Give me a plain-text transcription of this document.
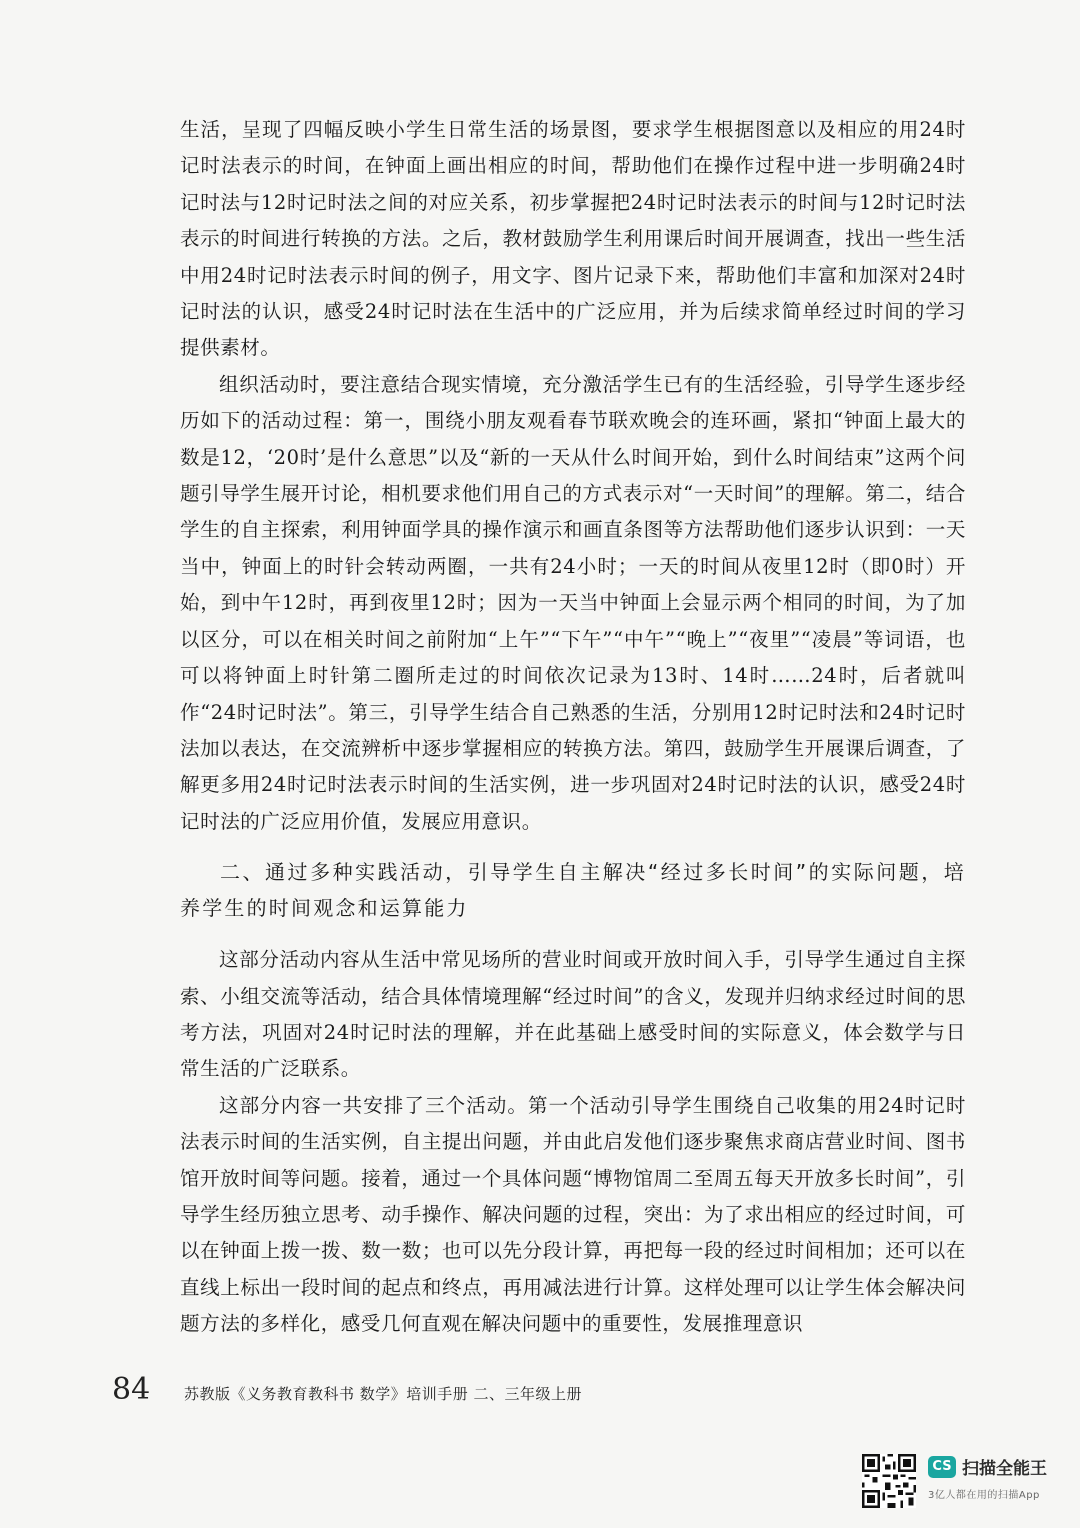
生活，呈现了四幅反映小学生日常生活的场景图，要求学生根据图意以及相应的用24时记时法表示的时间，在钟面上画出相应的时间，帮助他们在操作过程中进一步明确24时记时法与12时记时法之间的对应关系，初步掌握把24时记时法表示的时间与12时记时法表示的时间进行转换的方法。之后，教材鼓励学生利用课后时间开展调查，找出一些生活中用24时记时法表示时间的例子，用文字、图片记录下来，帮助他们丰富和加深对24时记时法的认识，感受24时记时法在生活中的广泛应用，并为后续求简单经过时间的学习提供素材。

组织活动时，要注意结合现实情境，充分激活学生已有的生活经验，引导学生逐步经历如下的活动过程：第一，围绕小朋友观看春节联欢晚会的连环画，紧扣“钟面上最大的数是12，‘20时’是什么意思”以及“新的一天从什么时间开始，到什么时间结束”这两个问题引导学生展开讨论，相机要求他们用自己的方式表示对“一天时间”的理解。第二，结合学生的自主探索，利用钟面学具的操作演示和画直条图等方法帮助他们逐步认识到：一天当中，钟面上的时针会转动两圈，一共有24小时；一天的时间从夜里12时（即0时）开始，到中午12时，再到夜里12时；因为一天当中钟面上会显示两个相同的时间，为了加以区分，可以在相关时间之前附加“上午”“下午”“中午”“晚上”“夜里”“凌晨”等词语，也可以将钟面上时针第二圈所走过的时间依次记录为13时、14时……24时，后者就叫作“24时记时法”。第三，引导学生结合自己熟悉的生活，分别用12时记时法和24时记时法加以表达，在交流辨析中逐步掌握相应的转换方法。第四，鼓励学生开展课后调查，了解更多用24时记时法表示时间的生活实例，进一步巩固对24时记时法的认识，感受24时记时法的广泛应用价值，发展应用意识。

二、通过多种实践活动，引导学生自主解决“经过多长时间”的实际问题，培养学生的时间观念和运算能力

这部分活动内容从生活中常见场所的营业时间或开放时间入手，引导学生通过自主探索、小组交流等活动，结合具体情境理解“经过时间”的含义，发现并归纳求经过时间的思考方法，巩固对24时记时法的理解，并在此基础上感受时间的实际意义，体会数学与日常生活的广泛联系。

这部分内容一共安排了三个活动。第一个活动引导学生围绕自己收集的用24时记时法表示时间的生活实例，自主提出问题，并由此启发他们逐步聚焦求商店营业时间、图书馆开放时间等问题。接着，通过一个具体问题“博物馆周二至周五每天开放多长时间”，引导学生经历独立思考、动手操作、解决问题的过程，突出：为了求出相应的经过时间，可以在钟面上拨一拨、数一数；也可以先分段计算，再把每一段的经过时间相加；还可以在直线上标出一段时间的起点和终点，再用减法进行计算。这样处理可以让学生体会解决问题方法的多样化，感受几何直观在解决问题中的重要性，发展推理意识

84	苏教版《义务教育教科书 数学》培训手册 二、三年级上册
CS 扫描全能王
3亿人都在用的扫描App
